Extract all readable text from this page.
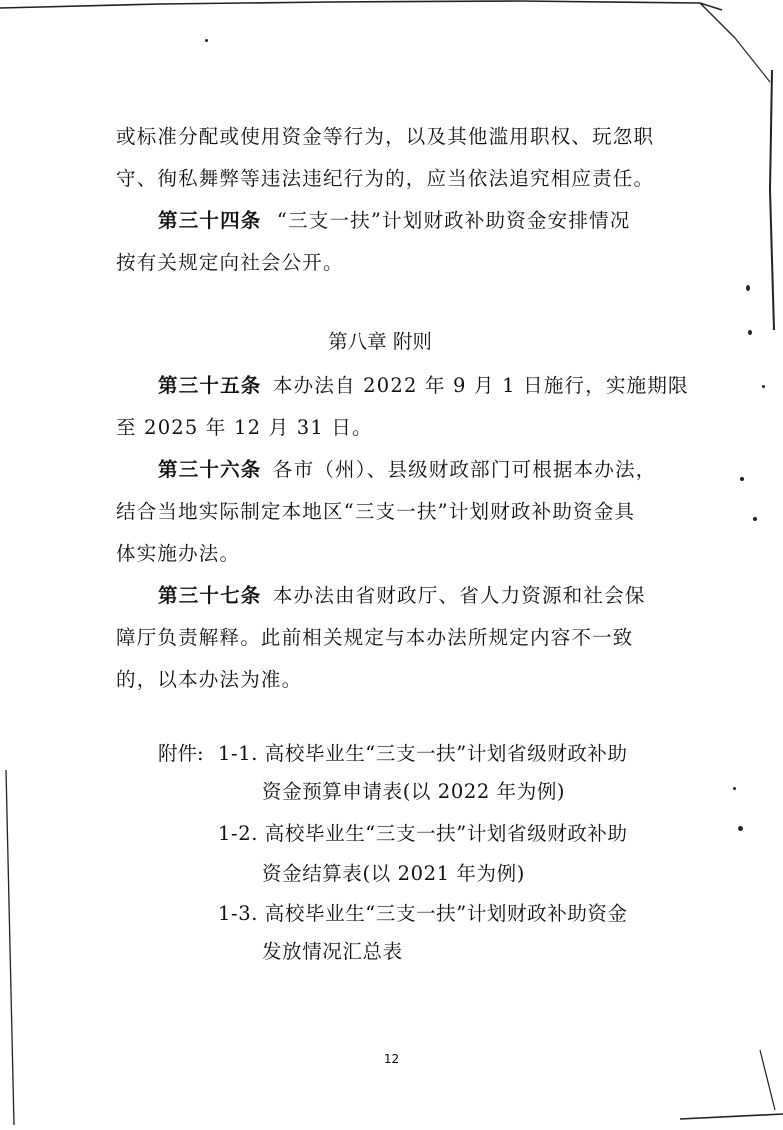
或标准分配或使用资金等行为，以及其他滥用职权、玩忽职
守、徇私舞弊等违法违纪行为的，应当依法追究相应责任。
第三十四条 “三支一扶”计划财政补助资金安排情况
按有关规定向社会公开。
第八章 附则
第三十五条 本办法自 2022 年 9 月 1 日施行，实施期限
至 2025 年 12 月 31 日。
第三十六条 各市（州）、县级财政部门可根据本办法，
结合当地实际制定本地区“三支一扶”计划财政补助资金具
体实施办法。
第三十七条 本办法由省财政厅、省人力资源和社会保
障厅负责解释。此前相关规定与本办法所规定内容不一致
的，以本办法为准。
附件: 1-1. 高校毕业生“三支一扶”计划省级财政补助
资金预算申请表(以 2022 年为例)
1-2. 高校毕业生“三支一扶”计划省级财政补助
资金结算表(以 2021 年为例)
1-3. 高校毕业生“三支一扶”计划财政补助资金
发放情况汇总表
12
